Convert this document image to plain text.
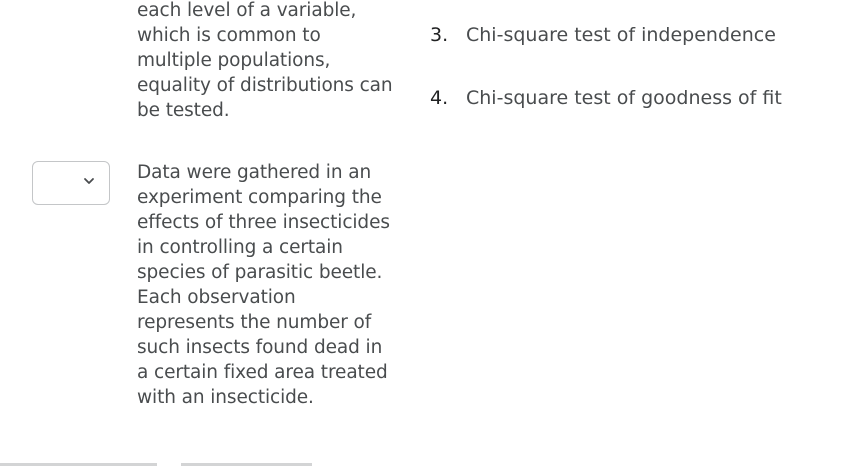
each level of a variable,
which is common to
multiple populations,
equality of distributions can
be tested.

Data were gathered in an
experiment comparing the
effects of three insecticides
in controlling a certain
species of parasitic beetle.
Each observation
represents the number of
such insects found dead in
a certain fixed area treated
with an insecticide.

3. Chi-square test of independence
4. Chi-square test of goodness of fit
